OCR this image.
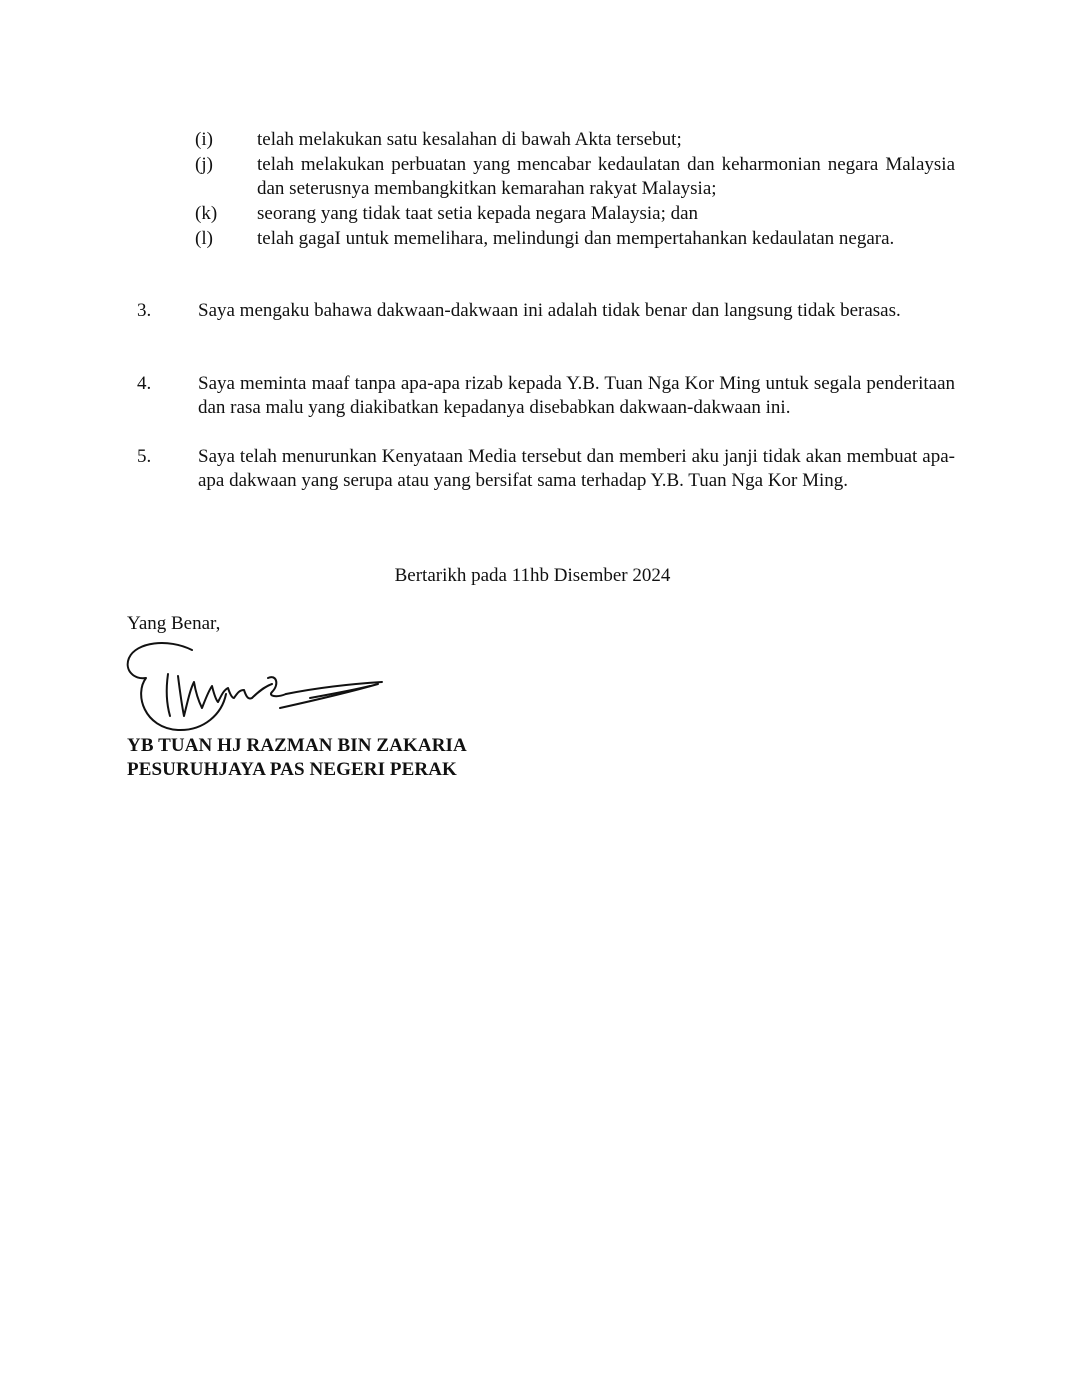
(i)	telah melakukan satu kesalahan di bawah Akta tersebut;
(j)	telah melakukan perbuatan yang mencabar kedaulatan dan keharmonian negara Malaysia dan seterusnya membangkitkan kemarahan rakyat Malaysia;
(k)	seorang yang tidak taat setia kepada negara Malaysia; dan
(l)	telah gagaI untuk memelihara, melindungi dan mempertahankan kedaulatan negara.
3.	Saya mengaku bahawa dakwaan-dakwaan ini adalah tidak benar dan langsung tidak berasas.
4.	Saya meminta maaf tanpa apa-apa rizab kepada Y.B. Tuan Nga Kor Ming untuk segala penderitaan dan rasa malu yang diakibatkan kepadanya disebabkan dakwaan-dakwaan ini.
5.	Saya telah menurunkan Kenyataan Media tersebut dan memberi aku janji tidak akan membuat apa-apa dakwaan yang serupa atau yang bersifat sama terhadap Y.B. Tuan Nga Kor Ming.
Bertarikh pada 11hb Disember 2024
Yang Benar,
YB TUAN HJ RAZMAN BIN ZAKARIA
PESURUHJAYA PAS NEGERI PERAK
